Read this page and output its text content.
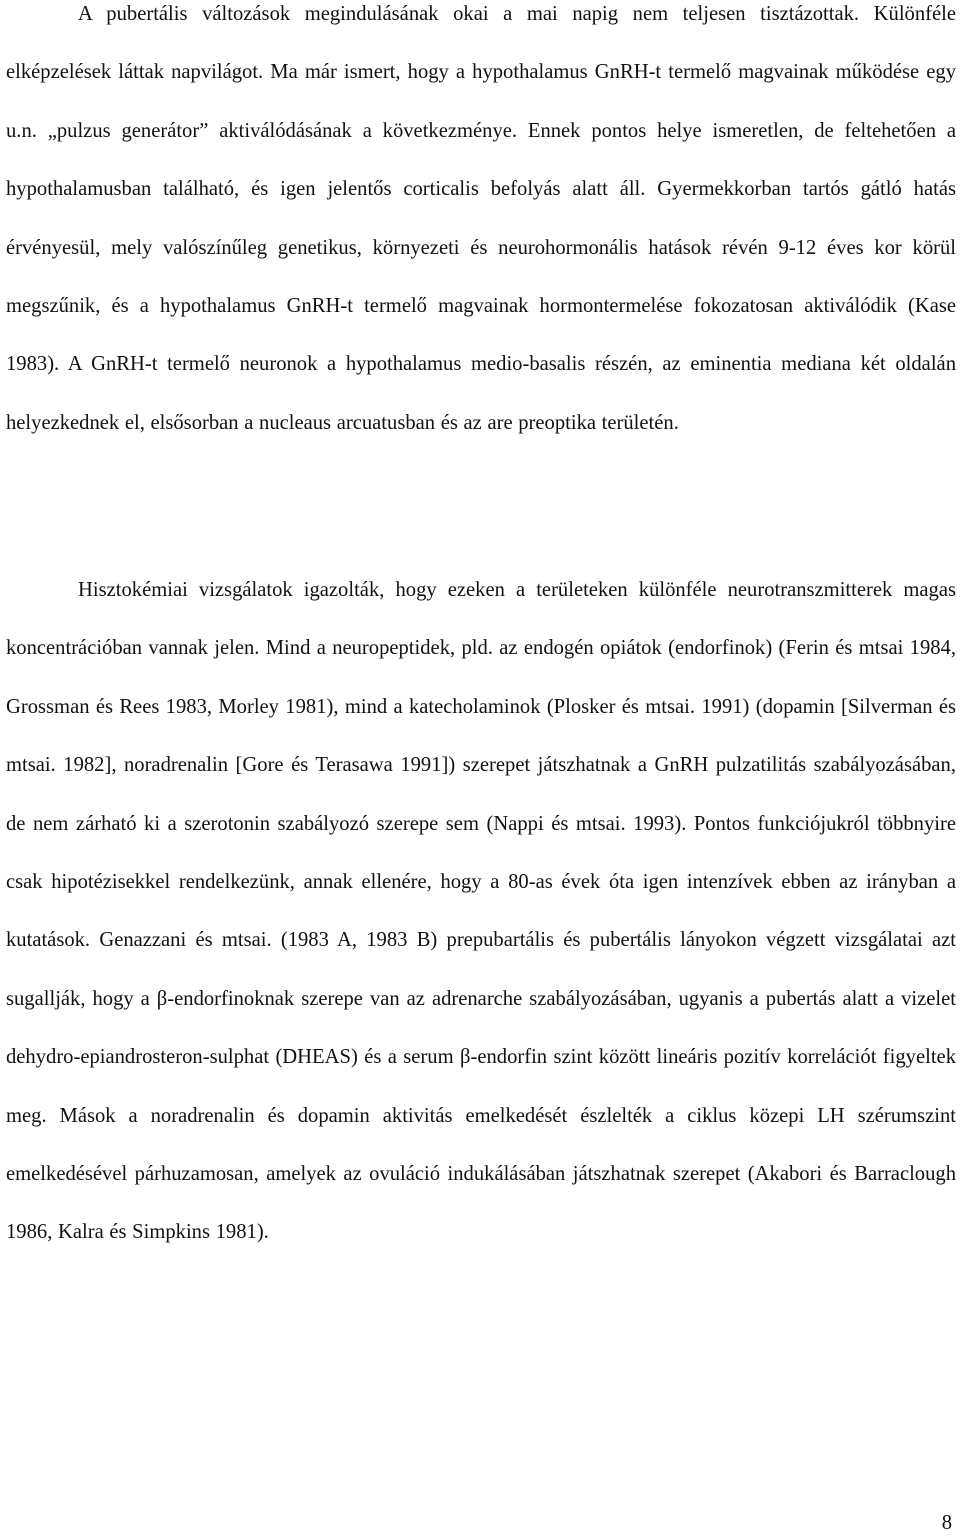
A pubertális változások megindulásának okai a mai napig nem teljesen tisztázottak. Különféle elképzelések láttak napvilágot. Ma már ismert, hogy a hypothalamus GnRH-t termelő magvainak működése egy u.n. „pulzus generátor” aktiválódásának a következménye. Ennek pontos helye ismeretlen, de feltehetően a hypothalamusban található, és igen jelentős corticalis befolyás alatt áll. Gyermekkorban tartós gátló hatás érvényesül, mely valószínűleg genetikus, környezeti és neurohormonális hatások révén 9-12 éves kor körül megszűnik, és a hypothalamus GnRH-t termelő magvainak hormontermelése fokozatosan aktiválódik (Kase 1983). A GnRH-t termelő neuronok a hypothalamus medio-basalis részén, az eminentia mediana két oldalán helyezkednek el, elsősorban a nucleaus arcuatusban és az are preoptika területén.

Hisztokémiai vizsgálatok igazolták, hogy ezeken a területeken különféle neurotranszmitterek magas koncentrációban vannak jelen. Mind a neuropeptidek, pld. az endogén opiátok (endorfinok) (Ferin és mtsai 1984, Grossman és Rees 1983, Morley 1981), mind a katecholaminok (Plosker és mtsai. 1991) (dopamin [Silverman és mtsai. 1982], noradrenalin [Gore és Terasawa 1991]) szerepet játszhatnak a GnRH pulzatilitás szabályozásában, de nem zárható ki a szerotonin szabályozó szerepe sem (Nappi és mtsai. 1993). Pontos funkciójukról többnyire csak hipotézisekkel rendelkezünk, annak ellenére, hogy a 80-as évek óta igen intenzívek ebben az irányban a kutatások. Genazzani és mtsai. (1983 A, 1983 B) prepubartális és pubertális lányokon végzett vizsgálatai azt sugallják, hogy a β-endorfinoknak szerepe van az adrenarche szabályozásában, ugyanis a pubertás alatt a vizelet dehydro-epiandrosteron-sulphat (DHEAS) és a serum β-endorfin szint között lineáris pozitív korrelációt figyeltek meg. Mások a noradrenalin és dopamin aktivitás emelkedését észlelték a ciklus közepi LH szérumszint emelkedésével párhuzamosan, amelyek az ovuláció indukálásában játszhatnak szerepet (Akabori és Barraclough 1986, Kalra és Simpkins 1981).

8
